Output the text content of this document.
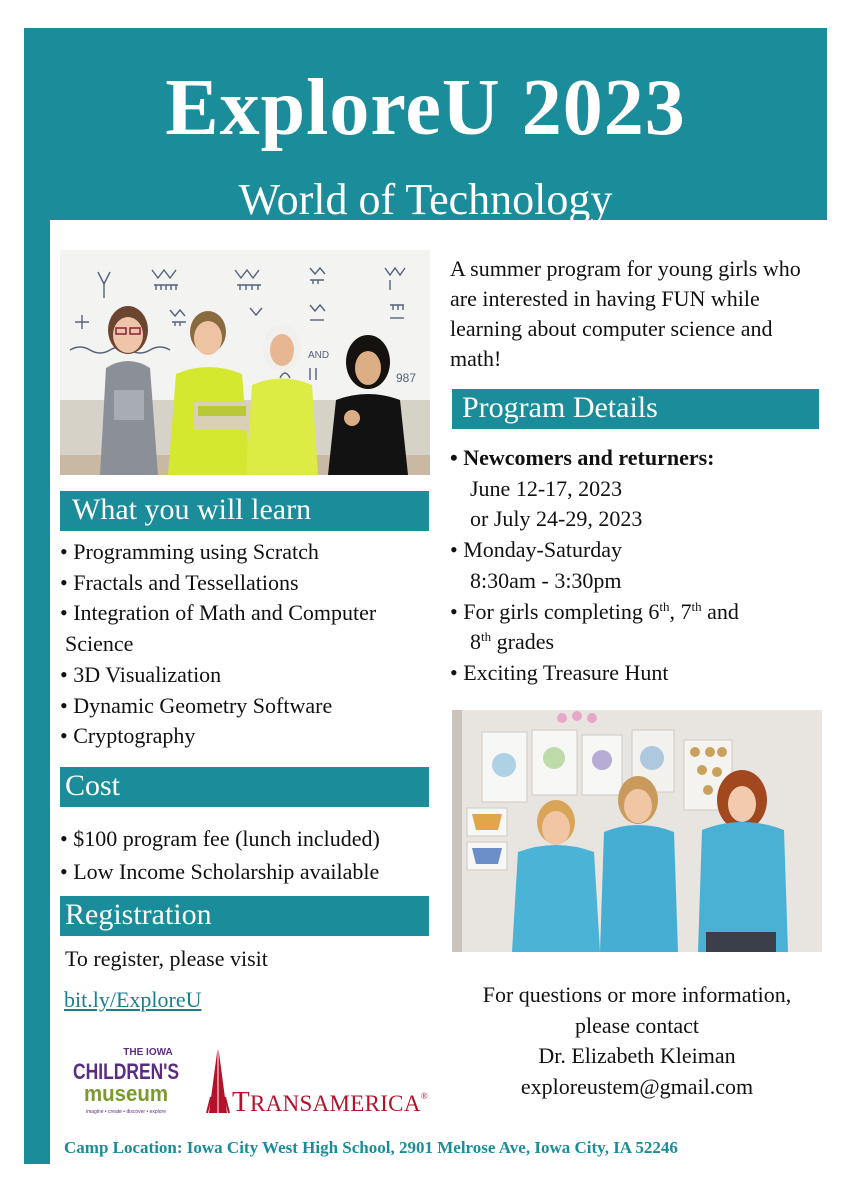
ExploreU 2023
World of Technology
AND
987
What you will learn
• Programming using Scratch
• Fractals and Tessellations
• Integration of Math and Computer
Science
• 3D Visualization
• Dynamic Geometry Software
• Cryptography
Cost
• $100 program fee (lunch included)
• Low Income Scholarship available
Registration
To register, please visit
bit.ly/ExploreU
A summer program for young girls who are interested in having FUN while learning about computer science and math!
Program Details
• Newcomers and returners:
June 12-17, 2023
or July 24-29, 2023
• Monday-Saturday
8:30am - 3:30pm
• For girls completing 6th, 7th and
8th grades
• Exciting Treasure Hunt
For questions or more information,
please contact
Dr. Elizabeth Kleiman
exploreustem@gmail.com
THE IOWA
CHILDREN'S
museum
imagine • create • discover • explore TRANSAMERICA®
Camp Location: Iowa City West High School, 2901 Melrose Ave, Iowa City, IA 52246
